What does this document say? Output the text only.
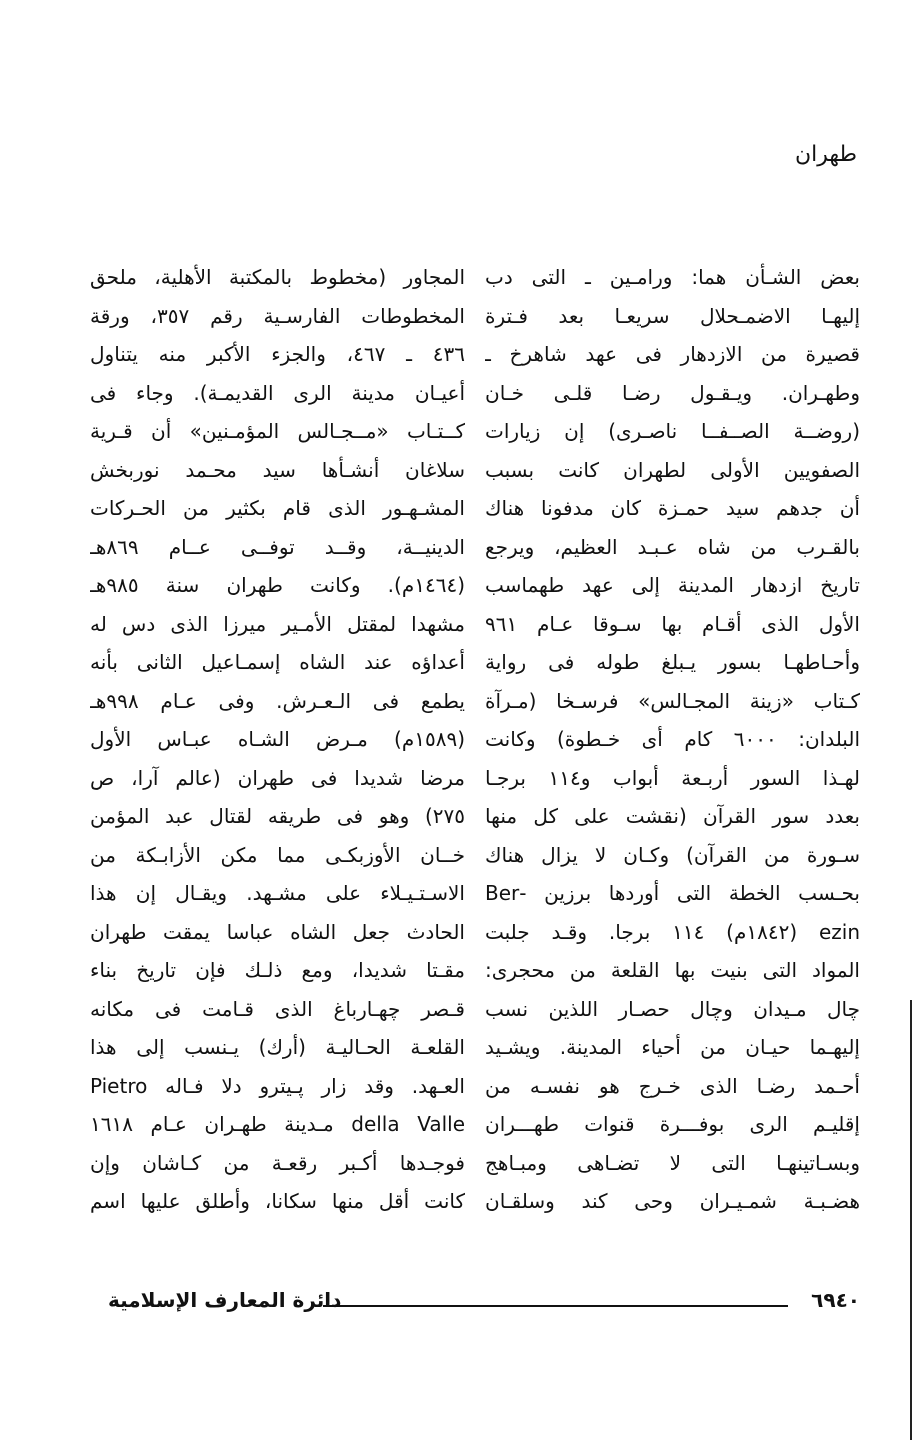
طهران
بعض الشـأن هما: ورامـين ـ التى دب
إليهـا الاضمـحلال سريعـا بعد فـترة
قصيرة من الازدهار فى عهد شاهرخ ـ
وطهـران. ويـقـول رضـا قلـى خـان
(روضــة الصــفــا ناصـرى) إن زيارات
الصفويين الأولى لطهران كانت بسبب
أن جدهم سيد حمـزة كان مدفونا هناك
بالقـرب من شاه عـبـد العظيم، ويرجع
تاريخ ازدهار المدينة إلى عهد طهماسب
الأول الذى أقـام بها سـوقا عـام ٩٦١
وأحـاطهـا بسور يـبلغ طوله فى رواية
كـتاب «زينة المجـالس» فرسـخا (مـرآة
البلدان: ٦٠٠٠ كام أى خـطوة) وكانت
لهـذا السور أربـعة أبواب و١١٤ برجـا
بعدد سور القرآن (نقشت على كل منها
سـورة من القرآن) وكـان لا يزال هناك
بحـسب الخطة التى أوردها برزين -Ber
ezin (١٨٤٢م) ١١٤ برجا. وقـد جلبت
المواد التى بنيت بها القلعة من محجرى:
چال مـيدان وچال حصـار اللذين نسب
إليهـما حيـان من أحياء المدينة. ويشـيد
أحـمد رضـا الذى خـرج هو نفسـه من
إقليـم الرى بوفـــرة قنوات طهـــران
وبسـاتينهـا التى لا تضـاهى ومبـاهج
هضـبـة شمـيـران وحى كند وسلقـان
المجاور (مخطوط بالمكتبة الأهلية، ملحق
المخطوطات الفارسـية رقم ٣٥٧، ورقة
٤٣٦ ـ ٤٦٧، والجزء الأكبر منه يتناول
أعيـان مدينة الرى القديمـة). وجاء فى
كــتـاب «مــجـالس المؤمـنين» أن قـرية
سلاغان أنشـأها سيد محـمد نوربخش
المشـهـور الذى قام بكثير من الحـركات
الدينيــة، وقــد توفــى عــام ٨٦٩هـ
(١٤٦٤م). وكانت طهران سنة ٩٨٥هـ
مشهدا لمقتل الأمـير ميرزا الذى دس له
أعداؤه عند الشاه إسمـاعيل الثانى بأنه
يطمع فى الـعـرش. وفى عـام ٩٩٨هـ
(١٥٨٩م) مـرض الشـاه عبـاس الأول
مرضا شديدا فى طهران (عالم آرا، ص
٢٧٥) وهو فى طريقه لقتال عبد المؤمن
خــان الأوزبكـى مما مكن الأزابـكة من
الاسـتـيـلاء على مشـهد. ويقـال إن هذا
الحادث جعل الشاه عباسا يمقت طهران
مقـتا شديدا، ومع ذلـك فإن تاريخ بناء
قـصر چهـارباغ الذى قـامت فى مكانه
القلعـة الحـاليـة (أرك) يـنسب إلى هذا
العـهد. وقد زار پـيترو دلا فـاله Pietro
della Valle مـدينة طهـران عـام ١٦١٨
فوجـدها أكـبر رقعـة من كـاشان وإن
كانت أقل منها سكانا، وأطلق عليها اسم
٦٩٤٠
دائرة المعارف الإسلامية
